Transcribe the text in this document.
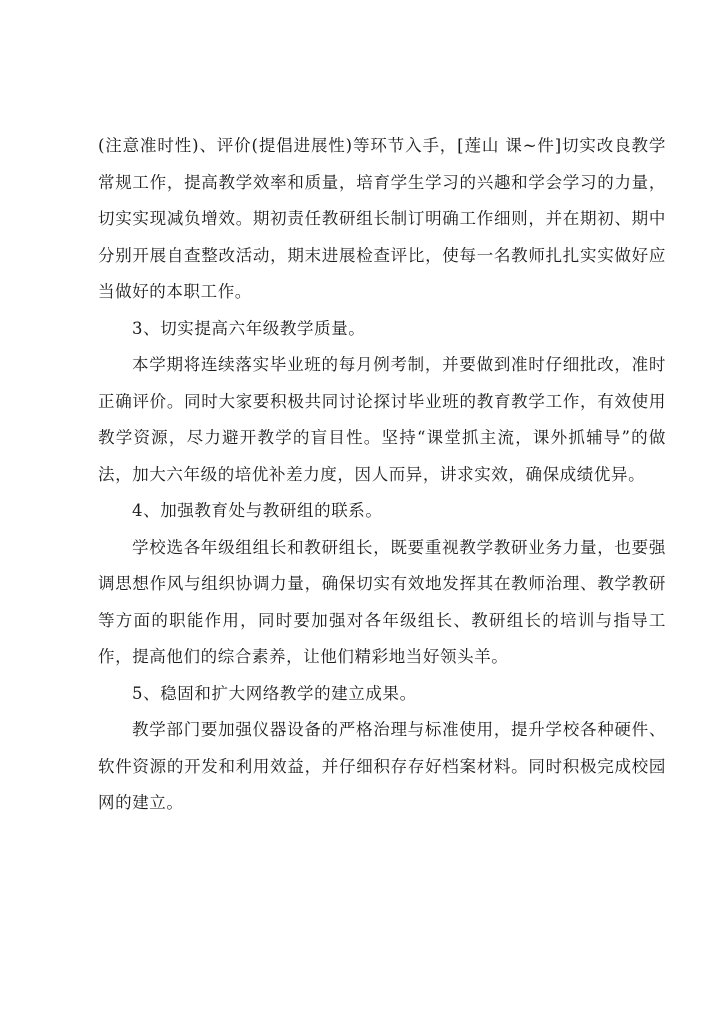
(注意准时性)、评价(提倡进展性)等环节入手，[莲山 课~件]切实改良教学常规工作，提高教学效率和质量，培育学生学习的兴趣和学会学习的力量，切实实现减负增效。期初责任教研组长制订明确工作细则，并在期初、期中分别开展自查整改活动，期末进展检查评比，使每一名教师扎扎实实做好应当做好的本职工作。

3、切实提高六年级教学质量。

本学期将连续落实毕业班的每月例考制，并要做到准时仔细批改，准时正确评价。同时大家要积极共同讨论探讨毕业班的教育教学工作，有效使用教学资源，尽力避开教学的盲目性。坚持“课堂抓主流，课外抓辅导”的做法，加大六年级的培优补差力度，因人而异，讲求实效，确保成绩优异。

4、加强教育处与教研组的联系。

学校选各年级组组长和教研组长，既要重视教学教研业务力量，也要强调思想作风与组织协调力量，确保切实有效地发挥其在教师治理、教学教研等方面的职能作用，同时要加强对各年级组长、教研组长的培训与指导工作，提高他们的综合素养，让他们精彩地当好领头羊。

5、稳固和扩大网络教学的建立成果。

教学部门要加强仪器设备的严格治理与标准使用，提升学校各种硬件、软件资源的开发和利用效益，并仔细积存存好档案材料。同时积极完成校园网的建立。
